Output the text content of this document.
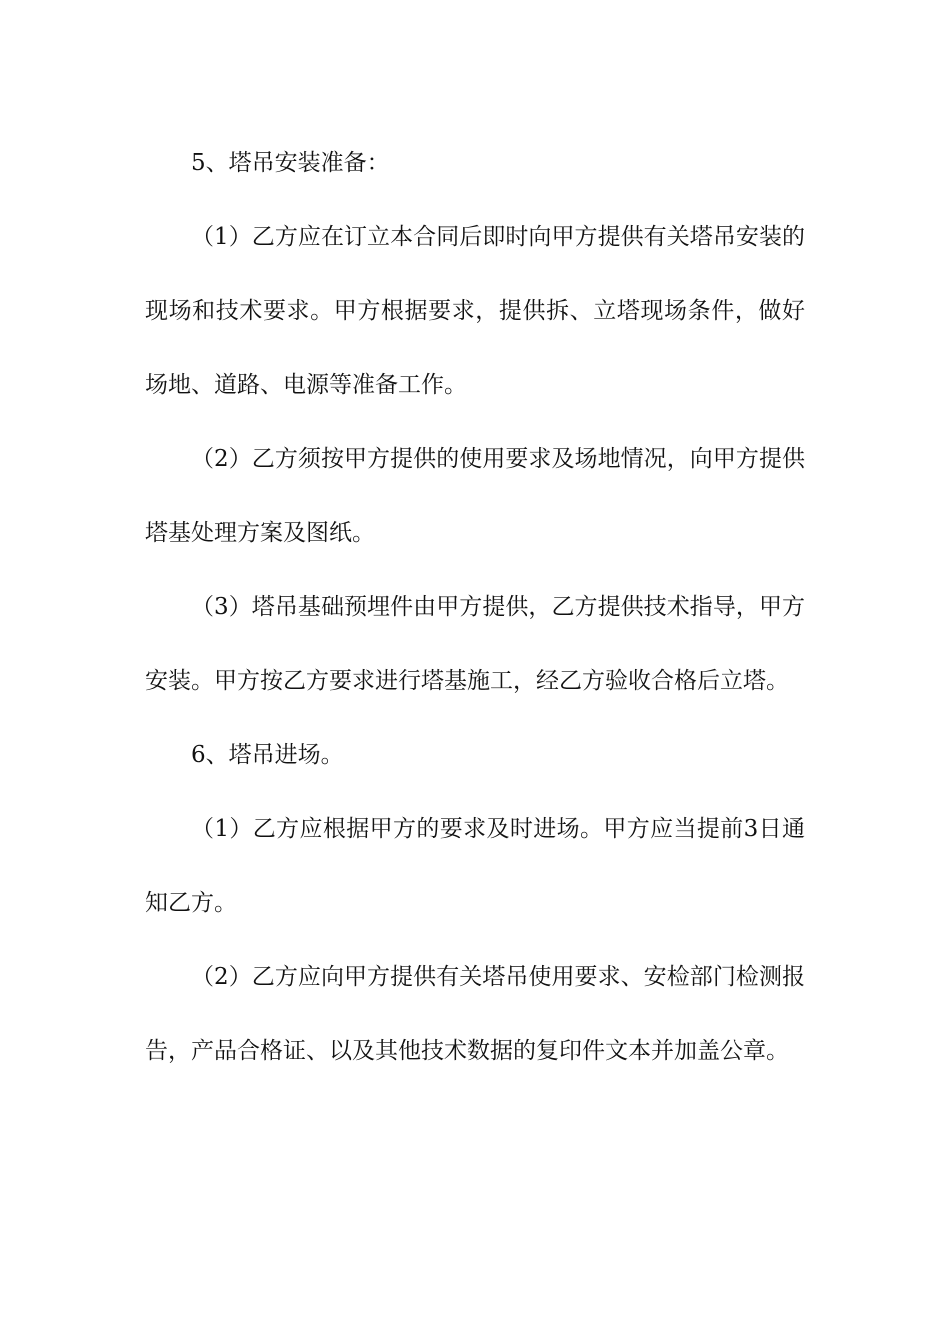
5、塔吊安装准备：

（1）乙方应在订立本合同后即时向甲方提供有关塔吊安装的现场和技术要求。甲方根据要求，提供拆、立塔现场条件，做好场地、道路、电源等准备工作。

（2）乙方须按甲方提供的使用要求及场地情况，向甲方提供塔基处理方案及图纸。

（3）塔吊基础预埋件由甲方提供，乙方提供技术指导，甲方安装。甲方按乙方要求进行塔基施工，经乙方验收合格后立塔。

6、塔吊进场。

（1）乙方应根据甲方的要求及时进场。甲方应当提前3日通知乙方。

（2）乙方应向甲方提供有关塔吊使用要求、安检部门检测报告，产品合格证、以及其他技术数据的复印件文本并加盖公章。
